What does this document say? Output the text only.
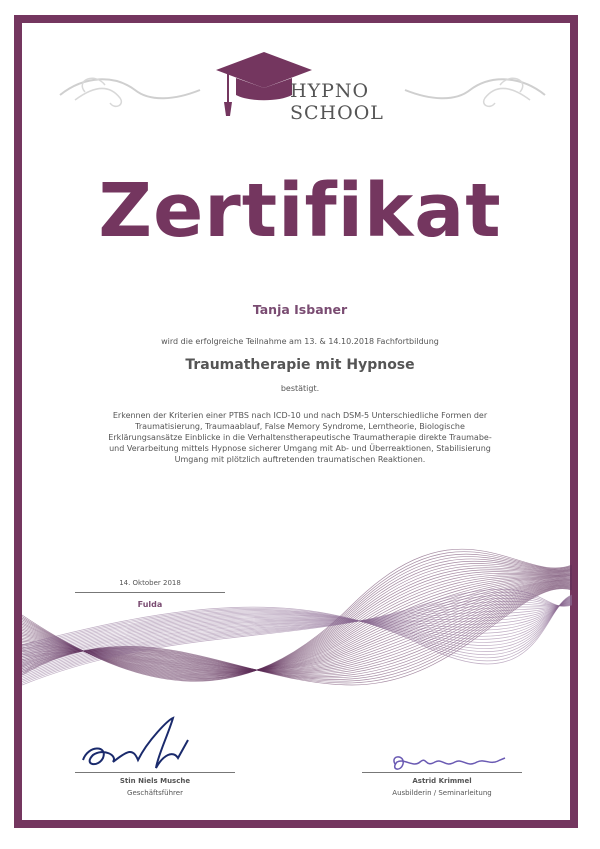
HYPNO
SCHOOL
Zertifikat
Tanja Isbaner
wird die erfolgreiche Teilnahme am 13. & 14.10.2018 Fachfortbildung
Traumatherapie mit Hypnose
bestätigt.
Erkennen der Kriterien einer PTBS nach ICD-10 und nach DSM-5 Unterschiedliche Formen der Traumatisierung, Traumaablauf, False Memory Syndrome, Lerntheorie, Biologische Erklärungsansätze Einblicke in die Verhaltenstherapeutische Traumatherapie direkte Traumabe- und Verarbeitung mittels Hypnose sicherer Umgang mit Ab- und Überreaktionen, Stabilisierung Umgang mit plötzlich auftretenden traumatischen Reaktionen.
14. Oktober 2018
Fulda
Stin Niels Musche
Geschäftsführer
Astrid Krimmel
Ausbilderin / Seminarleitung
